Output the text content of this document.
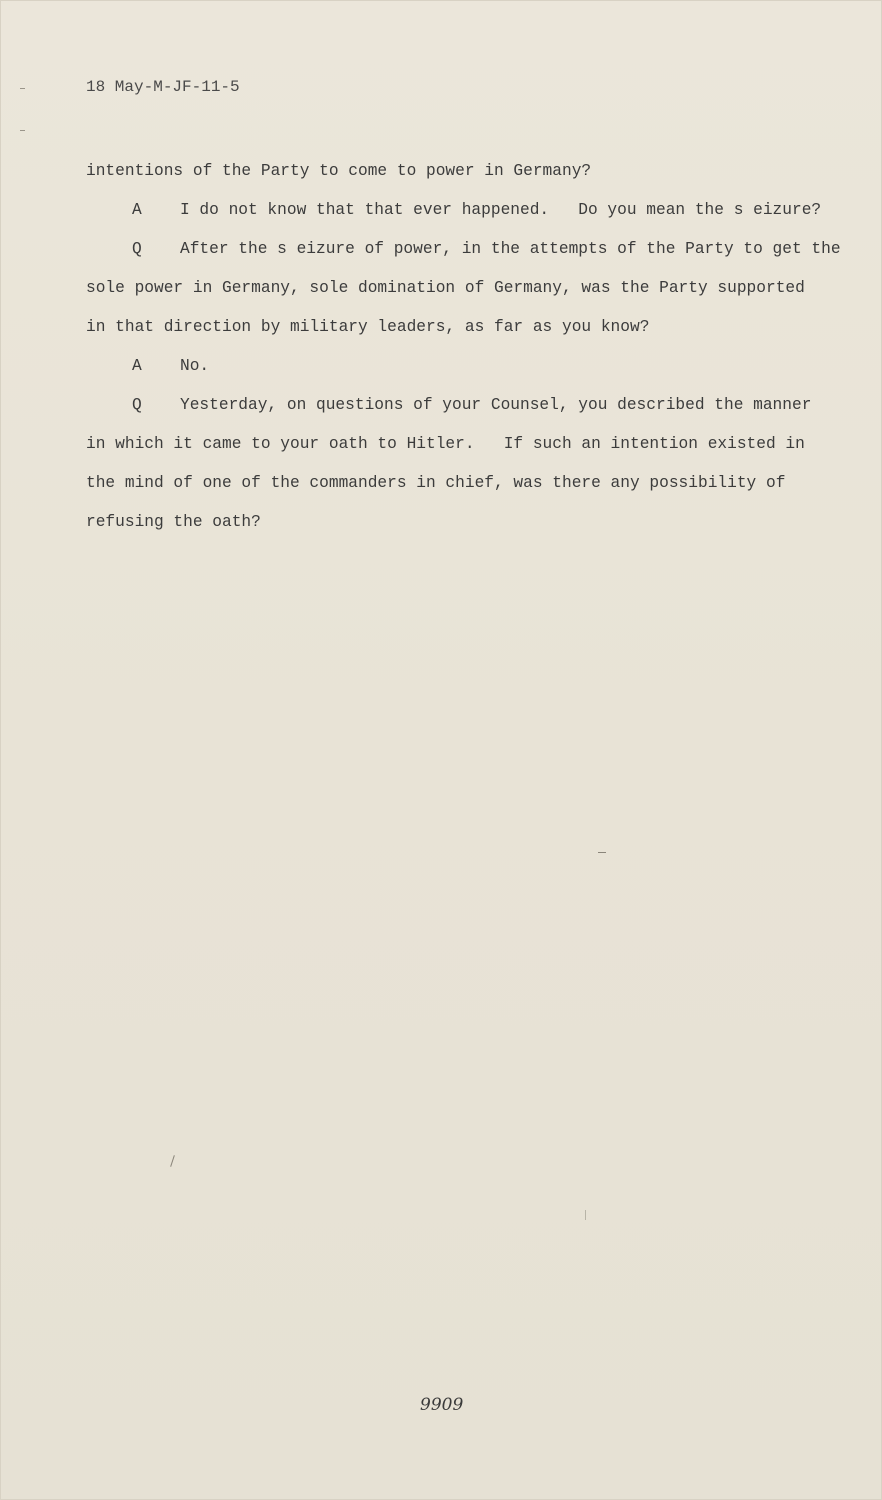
18 May-M-JF-11-5

intentions of the Party to come to power in Germany?

A I do not know that that ever happened.   Do you mean the s eizure?

Q After the s eizure of power, in the attempts of the Party to get the

sole power in Germany, sole domination of Germany, was the Party supported

in that direction by military leaders, as far as you know?

A No.

Q Yesterday, on questions of your Counsel, you described the manner

in which it came to your oath to Hitler.   If such an intention existed in

the mind of one of the commanders in chief, was there any possibility of

refusing the oath?

9909
